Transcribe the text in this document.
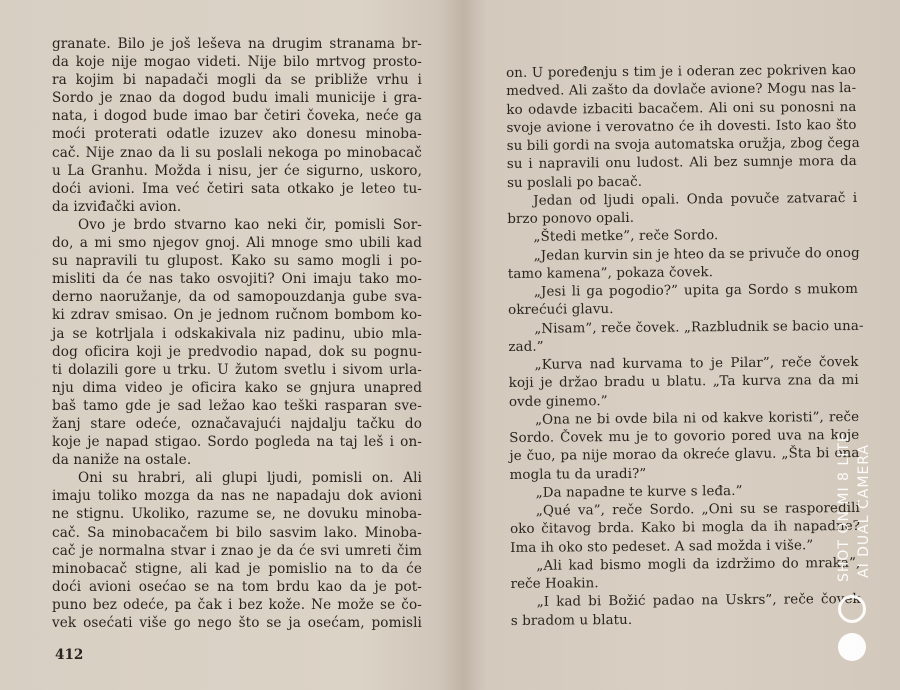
granate. Bilo je još leševa na drugim stranama br-
da koje nije mogao videti. Nije bilo mrtvog prosto-
ra kojim bi napadači mogli da se približe vrhu i
Sordo je znao da dogod budu imali municije i gra-
nata, i dogod bude imao bar četiri čoveka, neće ga
moći proterati odatle izuzev ako donesu minoba-
cač. Nije znao da li su poslali nekoga po minobacač
u La Granhu. Možda i nisu, jer će sigurno, uskoro,
doći avioni. Ima već četiri sata otkako je leteo tu-
da izviđački avion.
Ovo je brdo stvarno kao neki čir, pomisli Sor-
do, a mi smo njegov gnoj. Ali mnoge smo ubili kad
su napravili tu glupost. Kako su samo mogli i po-
misliti da će nas tako osvojiti? Oni imaju tako mo-
derno naoružanje, da od samopouzdanja gube sva-
ki zdrav smisao. On je jednom ručnom bombom ko-
ja se kotrljala i odskakivala niz padinu, ubio mla-
dog oficira koji je predvodio napad, dok su pognu-
ti dolazili gore u trku. U žutom svetlu i sivom urla-
nju dima video je oficira kako se gnjura unapred
baš tamo gde je sad ležao kao teški rasparan sve-
žanj stare odeće, označavajući najdalju tačku do
koje je napad stigao. Sordo pogleda na taj leš i on-
da naniže na ostale.
Oni su hrabri, ali glupi ljudi, pomisli on. Ali
imaju toliko mozga da nas ne napadaju dok avioni
ne stignu. Ukoliko, razume se, ne dovuku minoba-
cač. Sa minobacačem bi bilo sasvim lako. Minoba-
cač je normalna stvar i znao je da će svi umreti čim
minobacač stigne, ali kad je pomislio na to da će
doći avioni osećao se na tom brdu kao da je pot-
puno bez odeće, pa čak i bez kože. Ne može se čo-
vek osećati više go nego što se ja osećam, pomisli
412
on. U poređenju s tim je i oderan zec pokriven kao
medved. Ali zašto da dovlače avione? Mogu nas la-
ko odavde izbaciti bacačem. Ali oni su ponosni na
svoje avione i verovatno će ih dovesti. Isto kao što
su bili gordi na svoja automatska oružja, zbog čega
su i napravili onu ludost. Ali bez sumnje mora da
su poslali po bacač.
Jedan od ljudi opali. Onda povuče zatvarač i
brzo ponovo opali.
„Štedi metke”, reče Sordo.
„Jedan kurvin sin je hteo da se privuče do onog
tamo kamena”, pokaza čovek.
„Jesi li ga pogodio?” upita ga Sordo s mukom
okrećući glavu.
„Nisam”, reče čovek. „Razbludnik se bacio una-
zad.”
„Kurva nad kurvama to je Pilar”, reče čovek
koji je držao bradu u blatu. „Ta kurva zna da mi
ovde ginemo.”
„Ona ne bi ovde bila ni od kakve koristi”, reče
Sordo. Čovek mu je to govorio pored uva na koje
je čuo, pa nije morao da okreće glavu. „Šta bi ona
mogla tu da uradi?”
„Da napadne te kurve s leđa.”
„Qué va”, reče Sordo. „Oni su se rasporedili
oko čitavog brda. Kako bi mogla da ih napadne?
Ima ih oko sto pedeset. A sad možda i više.”
„Ali kad bismo mogli da izdržimo do mraka”,
reče Hoakin.
„I kad bi Božić padao na Uskrs”, reče čovek
s bradom u blatu.
SHOT ON MI 8 LITE AI DUAL CAMERA
